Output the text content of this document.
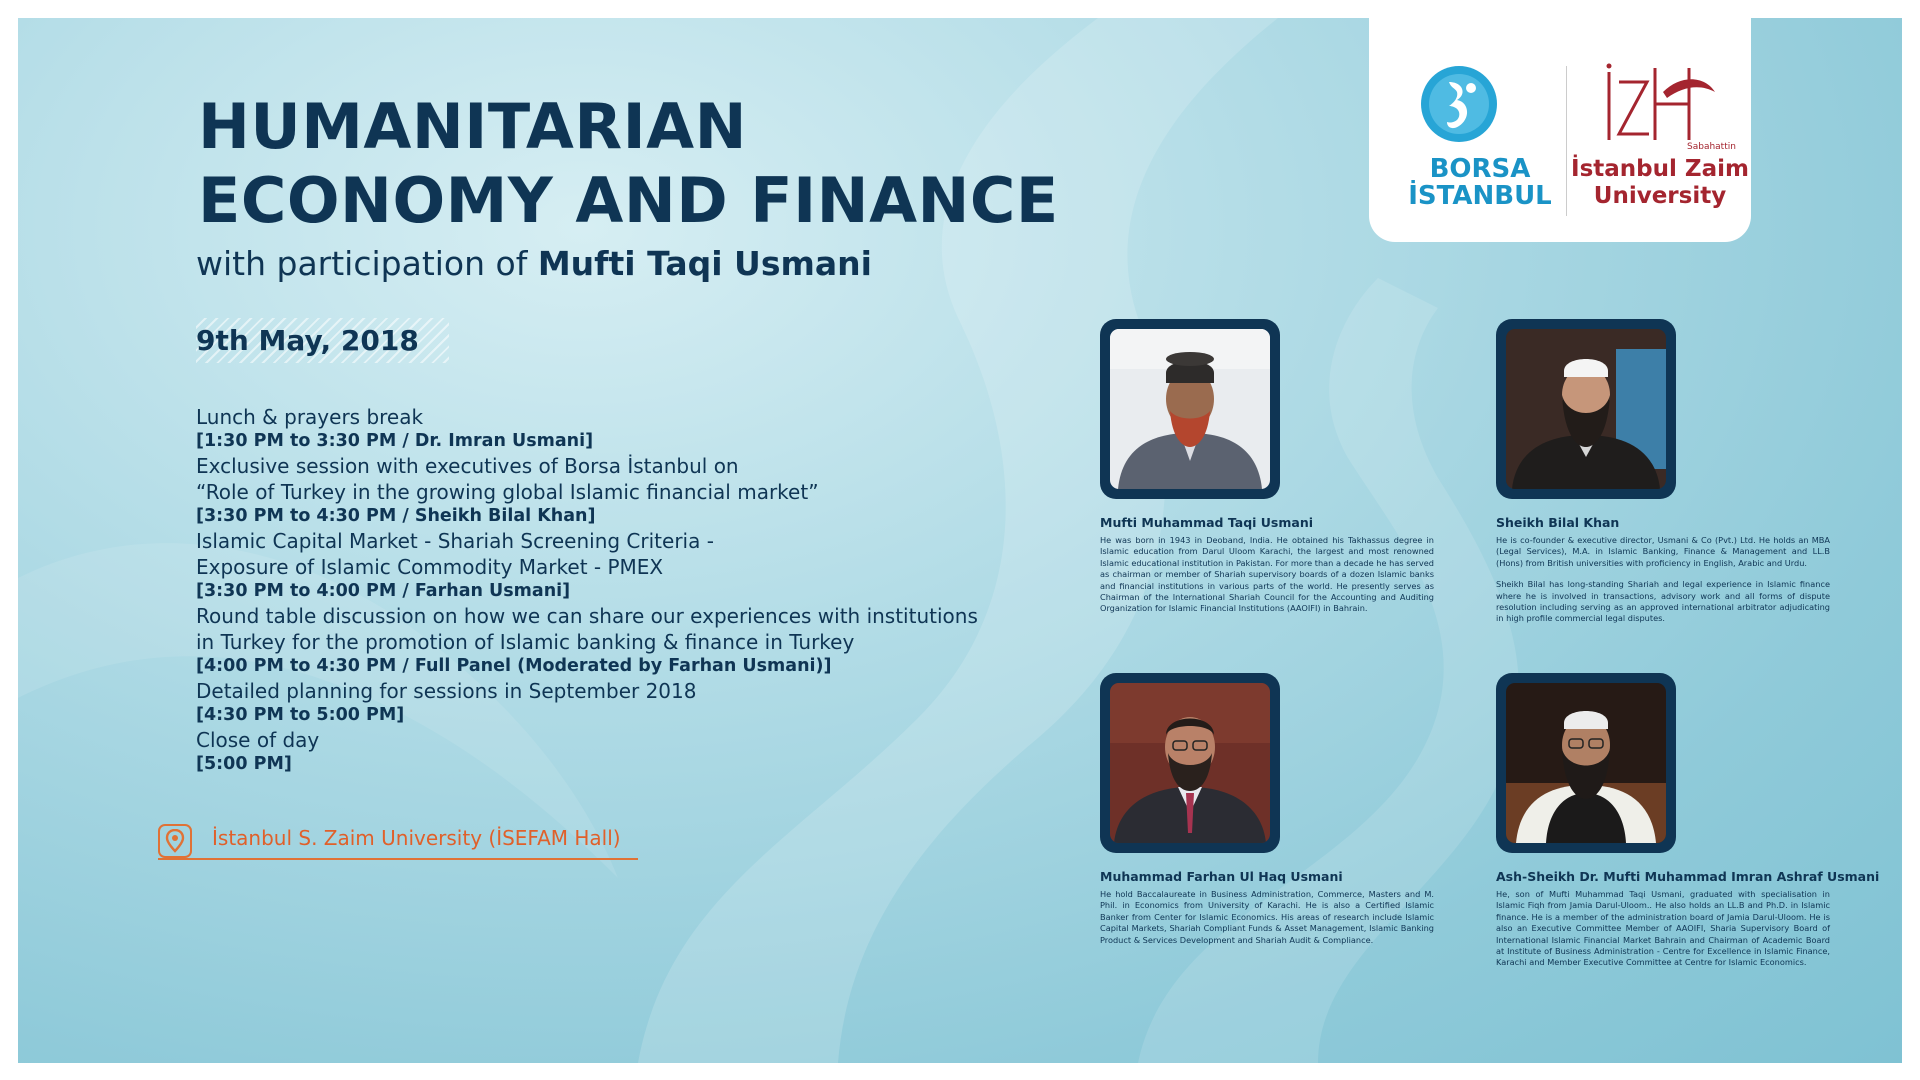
HUMANITARIAN
ECONOMY AND FINANCE
with participation of Mufti Taqi Usmani
9th May, 2018
Lunch & prayers break
[1:30 PM to 3:30 PM / Dr. Imran Usmani]
Exclusive session with executives of Borsa İstanbul on
“Role of Turkey in the growing global Islamic financial market”
[3:30 PM to 4:30 PM / Sheikh Bilal Khan]
Islamic Capital Market - Shariah Screening Criteria -
Exposure of Islamic Commodity Market - PMEX
[3:30 PM to 4:00 PM / Farhan Usmani]
Round table discussion on how we can share our experiences with institutions
in Turkey for the promotion of Islamic banking & finance in Turkey
[4:00 PM to 4:30 PM / Full Panel (Moderated by Farhan Usmani)]
Detailed planning for sessions in September 2018
[4:30 PM to 5:00 PM]
Close of day
[5:00 PM]
İstanbul S. Zaim University (İSEFAM Hall)
BORSA
İSTANBUL
Sabahattin
İstanbul Zaim
University
Mufti Muhammad Taqi Usmani

He was born in 1943 in Deoband, India. He obtained his Takhassus degree in Islamic education from Darul Uloom Karachi, the largest and most renowned Islamic educational institution in Pakistan. For more than a decade he has served as chairman or member of Shariah supervisory boards of a dozen Islamic banks and financial institutions in various parts of the world. He presently serves as Chairman of the International Shariah Council for the Accounting and Auditing Organization for Islamic Financial Institutions (AAOIFI) in Bahrain.

Sheikh Bilal Khan

He is co-founder & executive director, Usmani & Co (Pvt.) Ltd. He holds an MBA (Legal Services), M.A. in Islamic Banking, Finance & Management and LL.B (Hons) from British universities with proficiency in English, Arabic and Urdu.

Sheikh Bilal has long-standing Shariah and legal experience in Islamic finance where he is involved in transactions, advisory work and all forms of dispute resolution including serving as an approved international arbitrator adjudicating in high profile commercial legal disputes.

Muhammad Farhan Ul Haq Usmani

He hold Baccalaureate in Business Administration, Commerce, Masters and M. Phil. in Economics from University of Karachi. He is also a Certified Islamic Banker from Center for Islamic Economics. His areas of research include Islamic Capital Markets, Shariah Compliant Funds & Asset Management, Islamic Banking Product & Services Development and Shariah Audit & Compliance.

Ash-Sheikh Dr. Mufti Muhammad Imran Ashraf Usmani

He, son of Mufti Muhammad Taqi Usmani, graduated with specialisation in Islamic Fiqh from Jamia Darul-Uloom.. He also holds an LL.B and Ph.D. in Islamic finance. He is a member of the administration board of Jamia Darul-Uloom. He is also an Executive Committee Member of AAOIFI, Sharia Supervisory Board of International Islamic Financial Market Bahrain and Chairman of Academic Board at Institute of Business Administration - Centre for Excellence in Islamic Finance, Karachi and Member Executive Committee at Centre for Islamic Economics.
